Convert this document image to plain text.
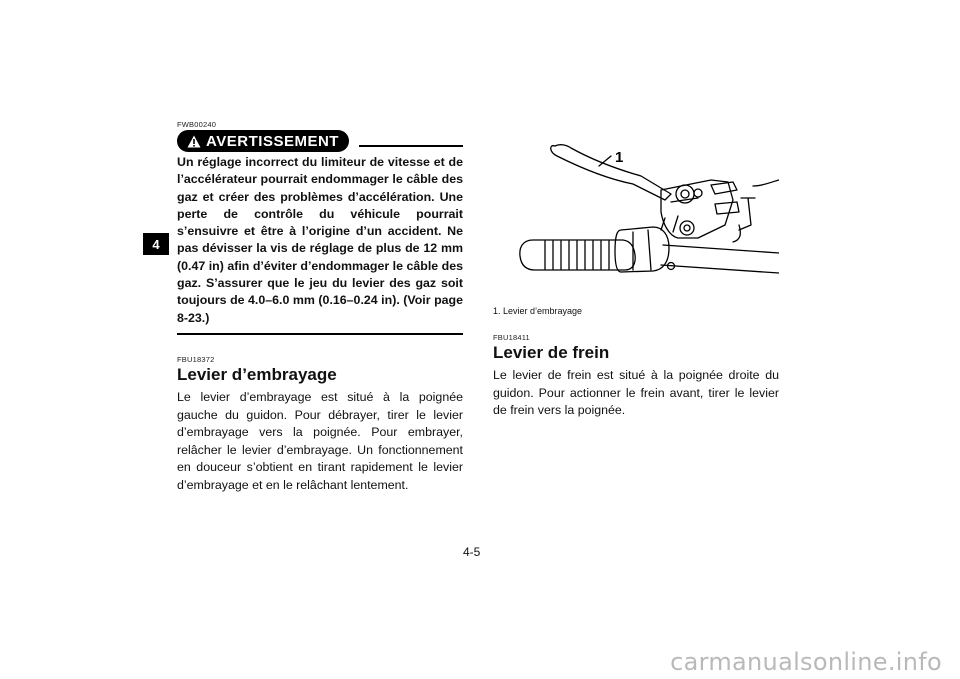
4
FWB00240
AVERTISSEMENT
Un réglage incorrect du limiteur de vitesse et de l’accélérateur pourrait endommager le câble des gaz et créer des problèmes d’accélération. Une perte de contrôle du véhicule pourrait s’ensuivre et être à l’origine d’un accident. Ne pas dévisser la vis de réglage de plus de 12 mm (0.47 in) afin d’éviter d’endommager le câble des gaz. S’assurer que le jeu du levier des gaz soit toujours de 4.0–6.0 mm (0.16–0.24 in). (Voir page 8-23.)
FBU18372
Levier d’embrayage
Le levier d’embrayage est situé à la poignée gauche du guidon. Pour débrayer, tirer le levier d’embrayage vers la poignée. Pour embrayer, relâcher le levier d’embrayage. Un fonctionnement en douceur s’obtient en tirant rapidement le levier d’embrayage et en le relâchant lentement.
1
1. Levier d’embrayage
FBU18411
Levier de frein
Le levier de frein est situé à la poignée droite du guidon. Pour actionner le frein avant, tirer le levier de frein vers la poignée.
4-5
carmanualsonline.info
